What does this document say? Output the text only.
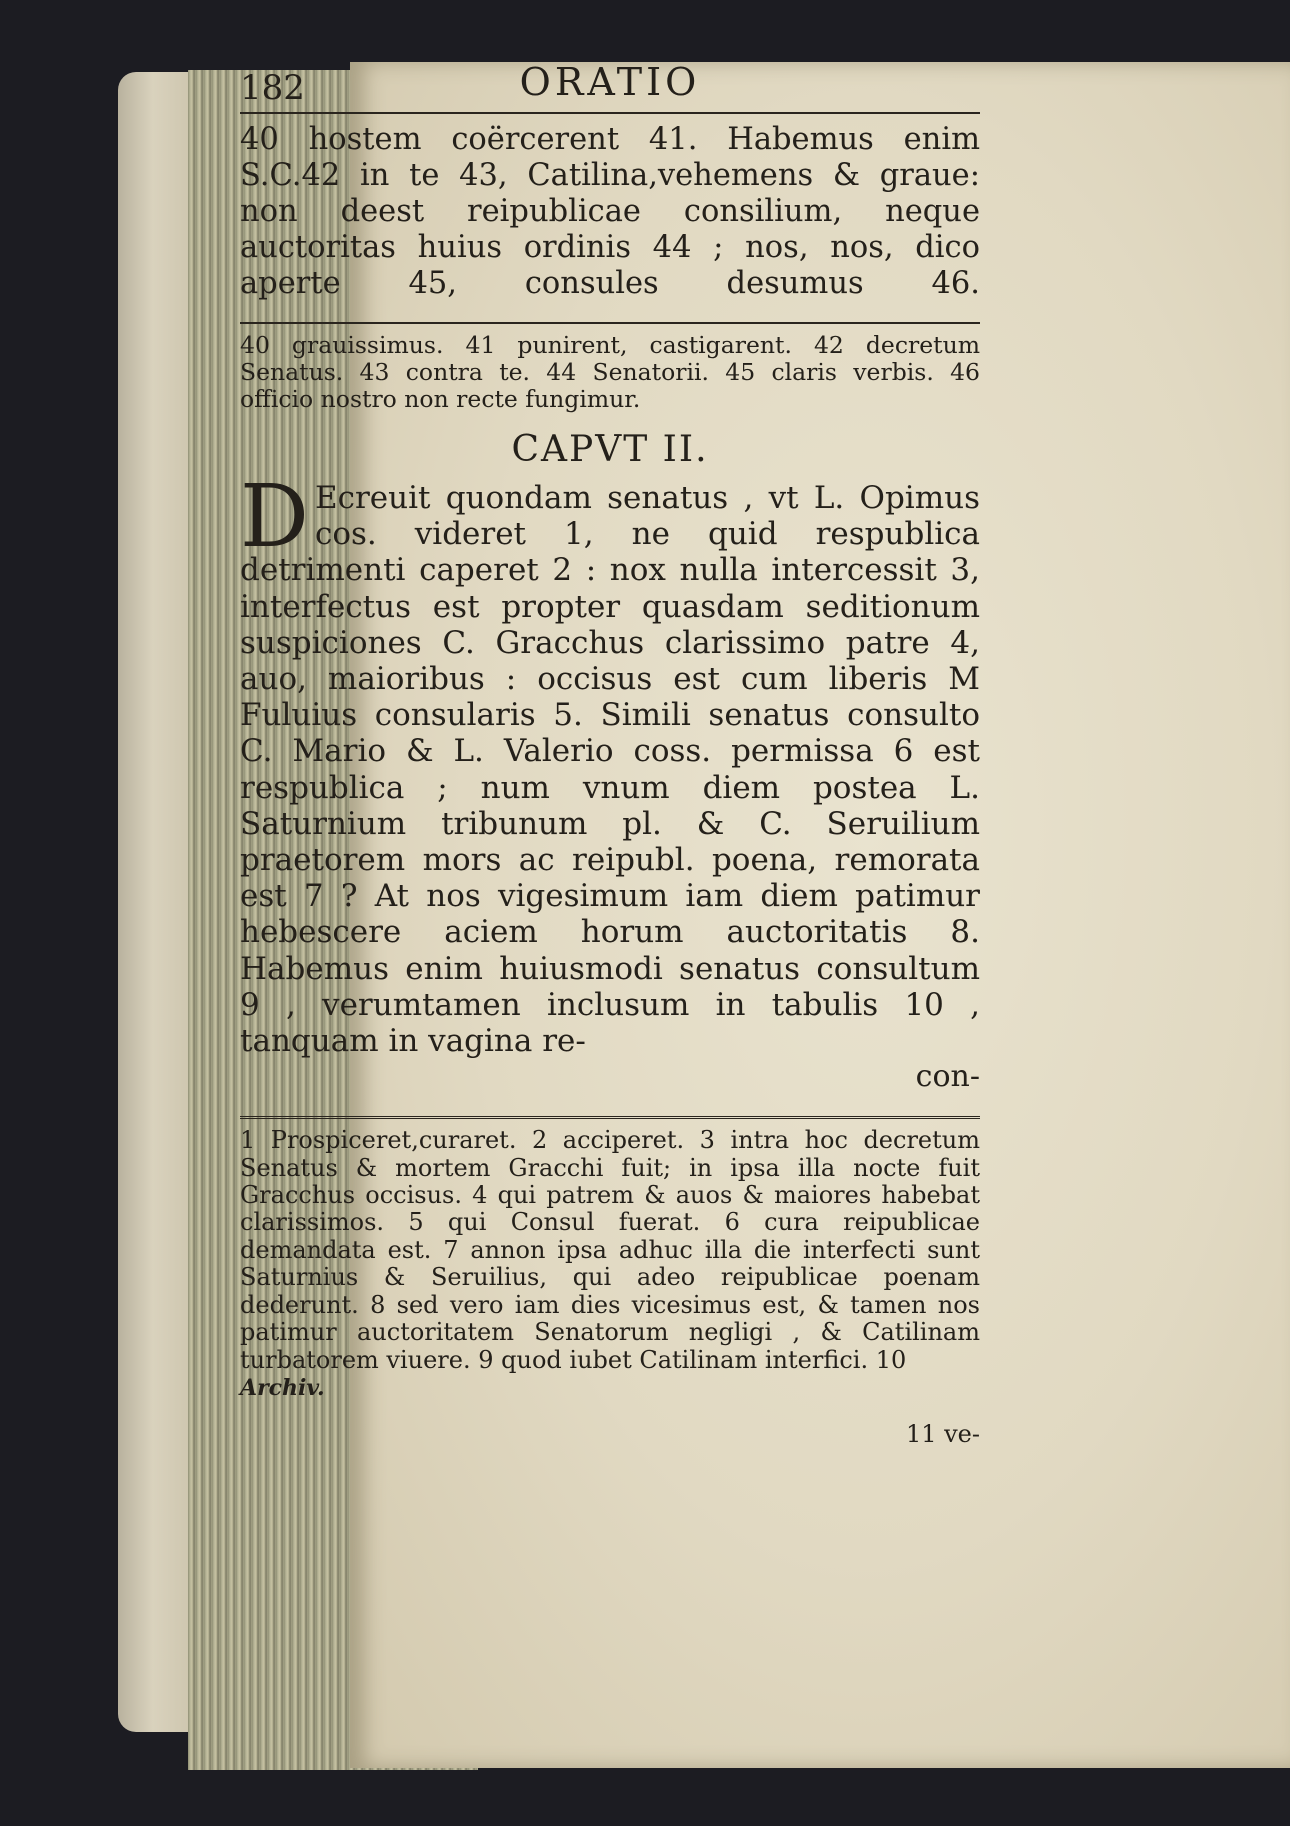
182	ORATIO
40 hostem coërcerent 41. Habemus enim S.C.42 in te 43, Catilina,vehemens & graue: non deest reipublicae consilium, neque auctoritas huius ordinis 44 ; nos, nos, dico aperte 45, consules desumus 46.
40 grauissimus. 41 punirent, castigarent. 42 decretum Senatus. 43 contra te. 44 Senatorii. 45 claris verbis. 46 officio nostro non recte fungimur.
CAPVT II.
D Ecreuit quondam senatus , vt L. Opimus cos. videret 1, ne quid respublica detrimenti caperet 2 : nox nulla intercessit 3, interfectus est propter quasdam seditionum suspiciones C. Gracchus clarissimo patre 4, auo, maioribus : occisus est cum liberis M Fuluius consularis 5. Simili senatus consulto C. Mario & L. Valerio coss. permissa 6 est respublica ; num vnum diem postea L. Saturnium tribunum pl. & C. Seruilium praetorem mors ac reipubl. poena, remorata est 7 ? At nos vigesimum iam diem patimur hebescere aciem horum auctoritatis 8. Habemus enim huiusmodi senatus consultum 9 , verumtamen inclusum in tabulis 10 , tanquam in vagina re-
con-
1 Prospiceret,curaret. 2 acciperet. 3 intra hoc decretum Senatus & mortem Gracchi fuit; in ipsa illa nocte fuit Gracchus occisus. 4 qui patrem & auos & maiores habebat clarissimos. 5 qui Consul fuerat. 6 cura reipublicae demandata est. 7 annon ipsa adhuc illa die interfecti sunt Saturnius & Seruilius, qui adeo reipublicae poenam dederunt. 8 sed vero iam dies vicesimus est, & tamen nos patimur auctoritatem Senatorum negligi , & Catilinam turbatorem viuere. 9 quod iubet Catilinam interfici. 10
Archiv.
11 ve-
